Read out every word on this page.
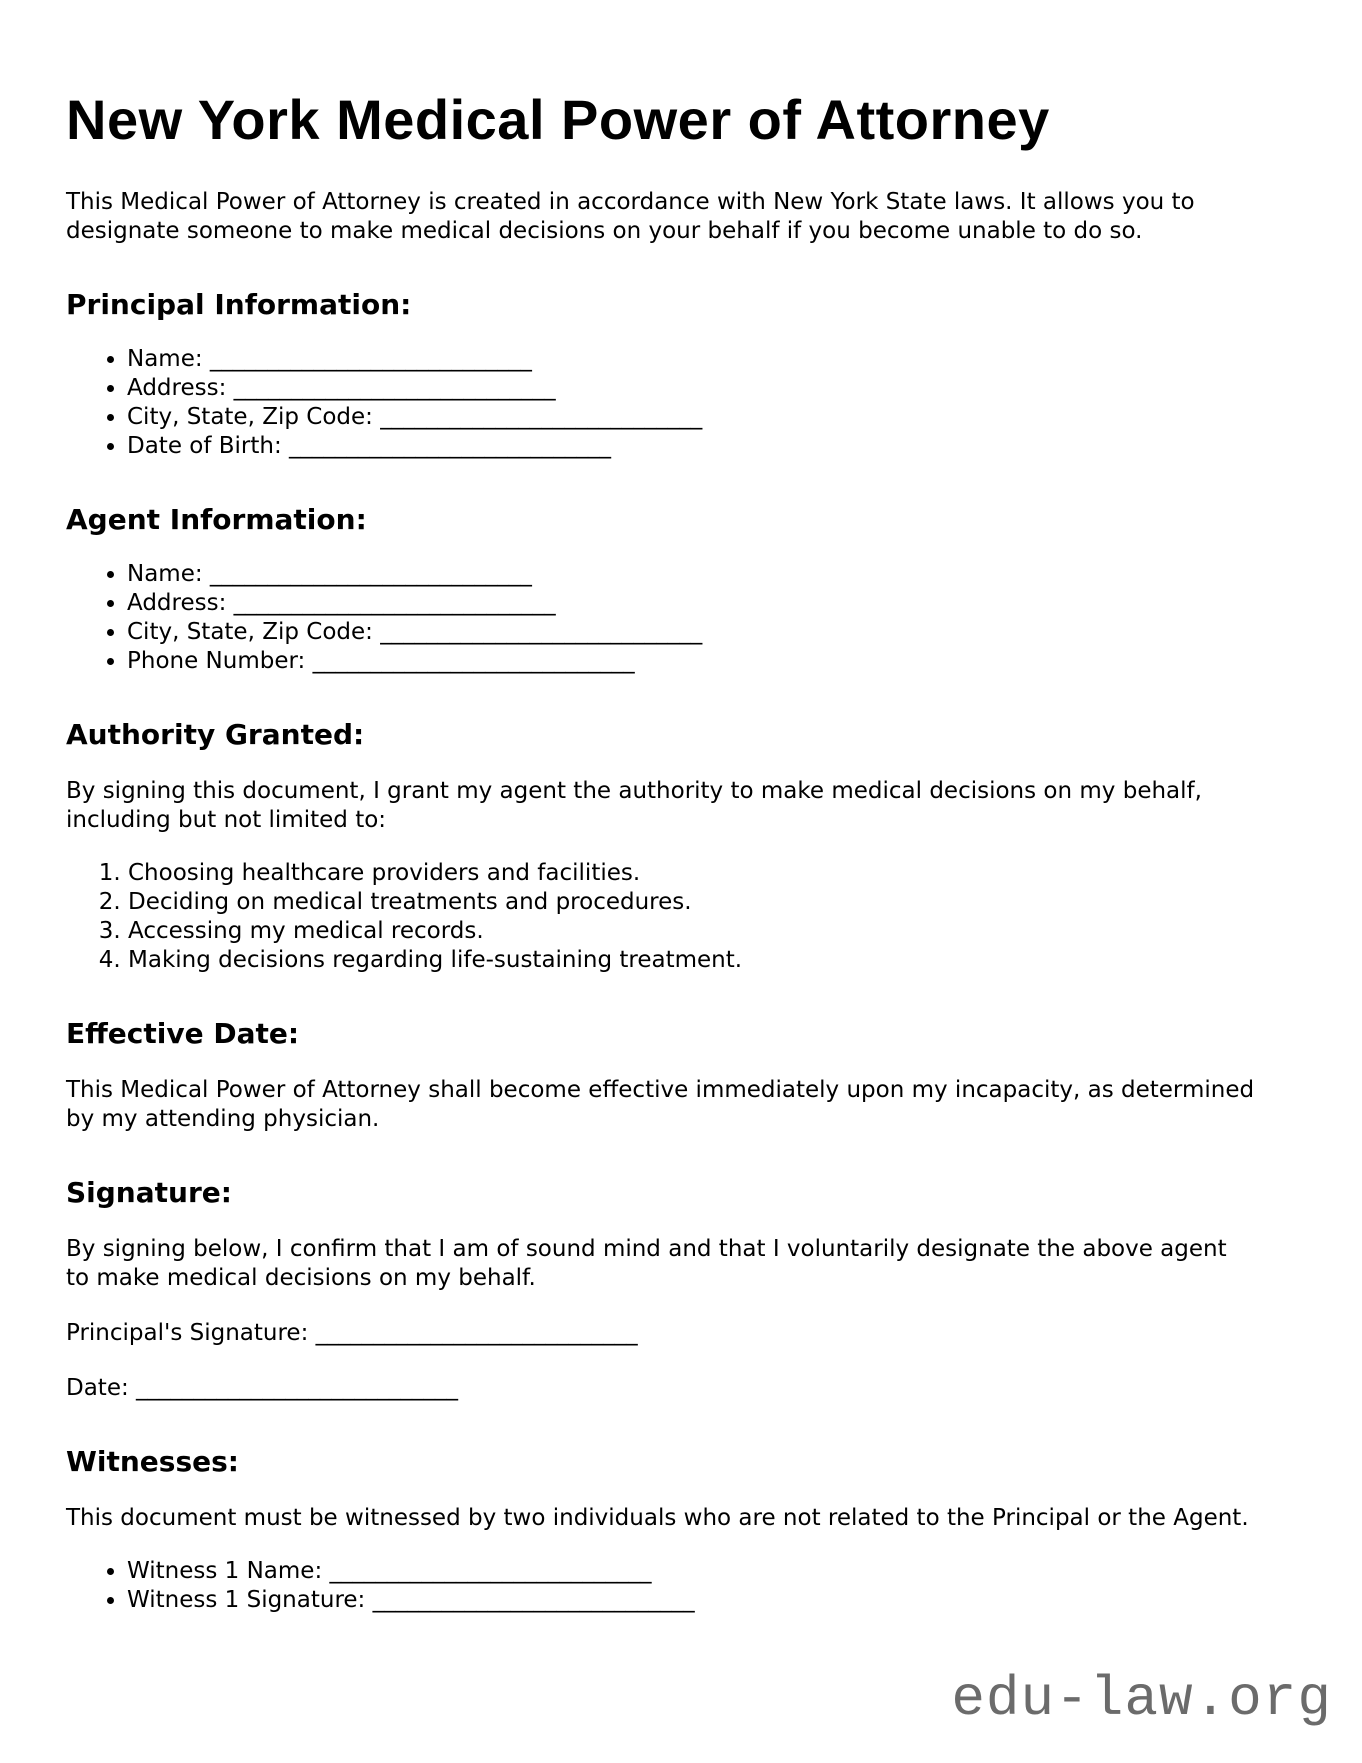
New York Medical Power of Attorney

This Medical Power of Attorney is created in accordance with New York State laws. It allows you to designate someone to make medical decisions on your behalf if you become unable to do so.

Principal Information:
• Name: ____________________________
• Address: ____________________________
• City, State, Zip Code: ____________________________
• Date of Birth: ____________________________
Agent Information:
• Name: ____________________________
• Address: ____________________________
• City, State, Zip Code: ____________________________
• Phone Number: ____________________________
Authority Granted:

By signing this document, I grant my agent the authority to make medical decisions on my behalf, including but not limited to:

1. Choosing healthcare providers and facilities.
2. Deciding on medical treatments and procedures.
3. Accessing my medical records.
4. Making decisions regarding life-sustaining treatment.
Effective Date:

This Medical Power of Attorney shall become effective immediately upon my incapacity, as determined by my attending physician.

Signature:

By signing below, I confirm that I am of sound mind and that I voluntarily designate the above agent to make medical decisions on my behalf.

Principal's Signature: ____________________________

Date: ____________________________

Witnesses:

This document must be witnessed by two individuals who are not related to the Principal or the Agent.

• Witness 1 Name: ____________________________
• Witness 1 Signature: ____________________________
edu-law.org
